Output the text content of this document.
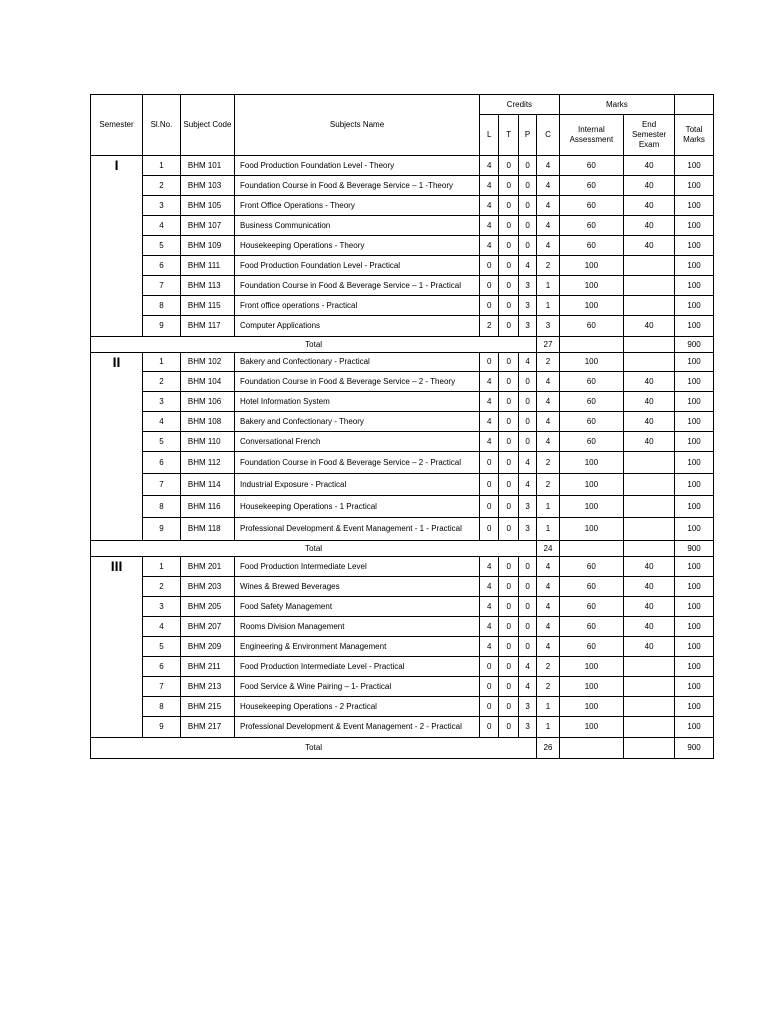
Semester	Sl.No.	Subject Code	Subjects Name	Credits				Marks		
				L	T	P	C	Internal Assessment	End Semester Exam	Total Marks
I	1	BHM 101	Food Production Foundation Level - Theory	4	0	0	4	60	40	100
	2	BHM 103	Foundation Course in Food & Beverage Service – 1 -Theory	4	0	0	4	60	40	100
	3	BHM 105	Front Office Operations - Theory	4	0	0	4	60	40	100
	4	BHM 107	Business Communication	4	0	0	4	60	40	100
	5	BHM 109	Housekeeping Operations - Theory	4	0	0	4	60	40	100
	6	BHM 111	Food Production Foundation Level - Practical	0	0	4	2	100		100
	7	BHM 113	Foundation Course in Food & Beverage Service – 1 - Practical	0	0	3	1	100		100
	8	BHM 115	Front office operations - Practical	0	0	3	1	100		100
	9	BHM 117	Computer Applications	2	0	3	3	60	40	100
Total							27			900
II	1	BHM 102	Bakery and Confectionary - Practical	0	0	4	2	100		100
	2	BHM 104	Foundation Course in Food & Beverage Service – 2 - Theory	4	0	0	4	60	40	100
	3	BHM 106	Hotel Information System	4	0	0	4	60	40	100
	4	BHM 108	Bakery and Confectionary - Theory	4	0	0	4	60	40	100
	5	BHM 110	Conversational French	4	0	0	4	60	40	100
	6	BHM 112	Foundation Course in Food & Beverage Service – 2 - Practical	0	0	4	2	100		100
	7	BHM 114	Industrial Exposure - Practical	0	0	4	2	100		100
	8	BHM 116	Housekeeping Operations - 1 Practical	0	0	3	1	100		100
	9	BHM 118	Professional Development & Event Management - 1 - Practical	0	0	3	1	100		100
Total							24			900
III	1	BHM 201	Food Production Intermediate Level	4	0	0	4	60	40	100
	2	BHM 203	Wines & Brewed Beverages	4	0	0	4	60	40	100
	3	BHM 205	Food Safety Management	4	0	0	4	60	40	100
	4	BHM 207	Rooms Division Management	4	0	0	4	60	40	100
	5	BHM 209	Engineering & Environment Management	4	0	0	4	60	40	100
	6	BHM 211	Food Production Intermediate Level - Practical	0	0	4	2	100		100
	7	BHM 213	Food Service & Wine Pairing – 1- Practical	0	0	4	2	100		100
	8	BHM 215	Housekeeping Operations - 2 Practical	0	0	3	1	100		100
	9	BHM 217	Professional Development & Event Management - 2 - Practical	0	0	3	1	100		100
Total							26			900
